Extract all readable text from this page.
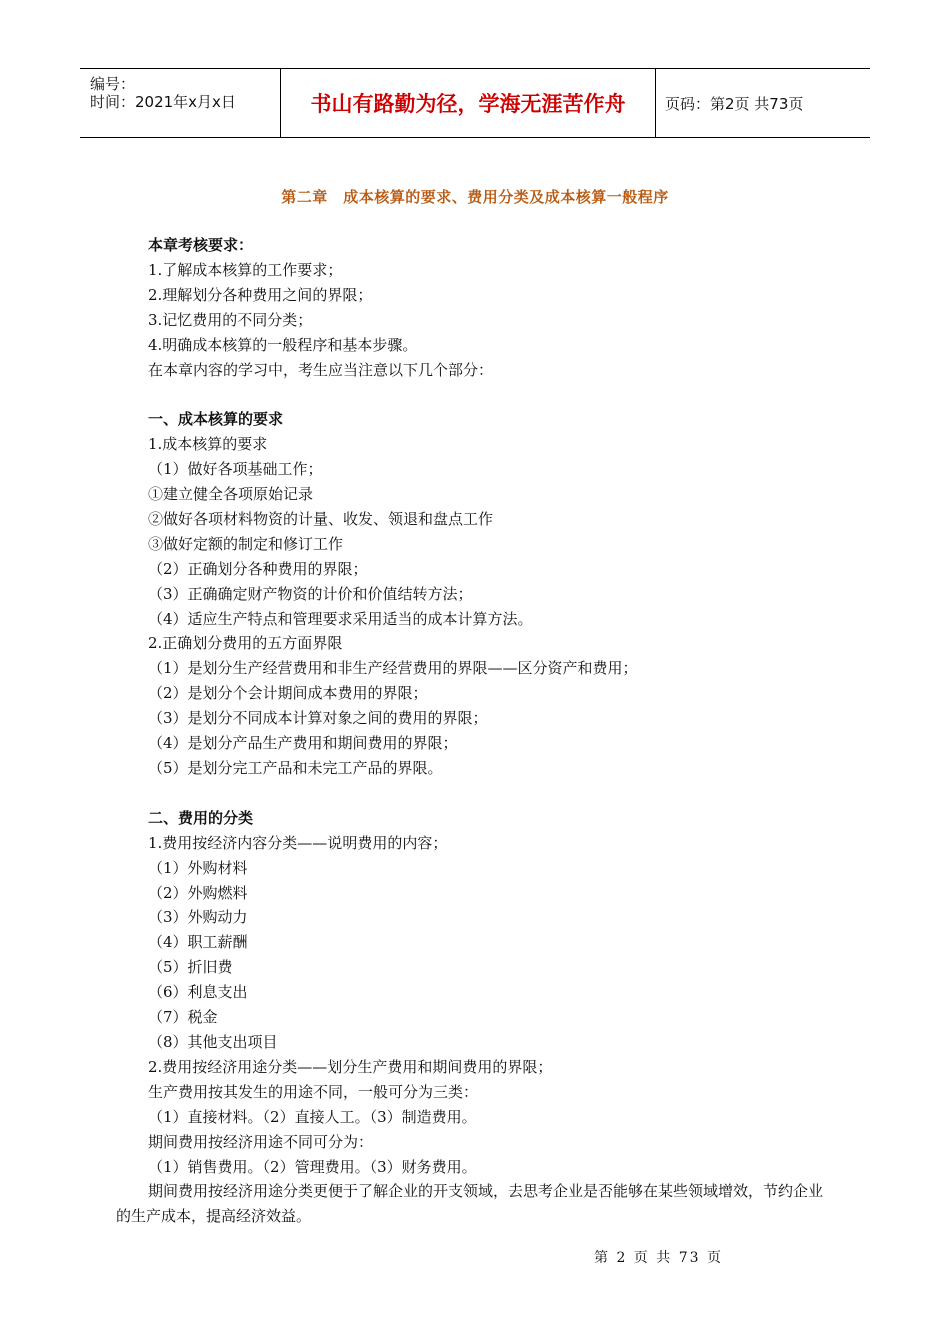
编号：
时间：2021年x月x日	书山有路勤为径，学海无涯苦作舟	页码：第2页 共73页
第二章　成本核算的要求、费用分类及成本核算一般程序
本章考核要求：
1.了解成本核算的工作要求；
2.理解划分各种费用之间的界限；
3.记忆费用的不同分类；
4.明确成本核算的一般程序和基本步骤。
在本章内容的学习中，考生应当注意以下几个部分：
一、成本核算的要求
1.成本核算的要求
（1）做好各项基础工作；
①建立健全各项原始记录
②做好各项材料物资的计量、收发、领退和盘点工作
③做好定额的制定和修订工作
（2）正确划分各种费用的界限；
（3）正确确定财产物资的计价和价值结转方法；
（4）适应生产特点和管理要求采用适当的成本计算方法。
2.正确划分费用的五方面界限
（1）是划分生产经营费用和非生产经营费用的界限——区分资产和费用；
（2）是划分个会计期间成本费用的界限；
（3）是划分不同成本计算对象之间的费用的界限；
（4）是划分产品生产费用和期间费用的界限；
（5）是划分完工产品和未完工产品的界限。
二、费用的分类
1.费用按经济内容分类——说明费用的内容；
（1）外购材料
（2）外购燃料
（3）外购动力
（4）职工薪酬
（5）折旧费
（6）利息支出
（7）税金
（8）其他支出项目
2.费用按经济用途分类——划分生产费用和期间费用的界限；
生产费用按其发生的用途不同，一般可分为三类：
（1）直接材料。（2）直接人工。（3）制造费用。
期间费用按经济用途不同可分为：
（1）销售费用。（2）管理费用。（3）财务费用。
期间费用按经济用途分类更便于了解企业的开支领域，去思考企业是否能够在某些领域增效，节约企业的生产成本，提高经济效益。
第 2 页 共 73 页
